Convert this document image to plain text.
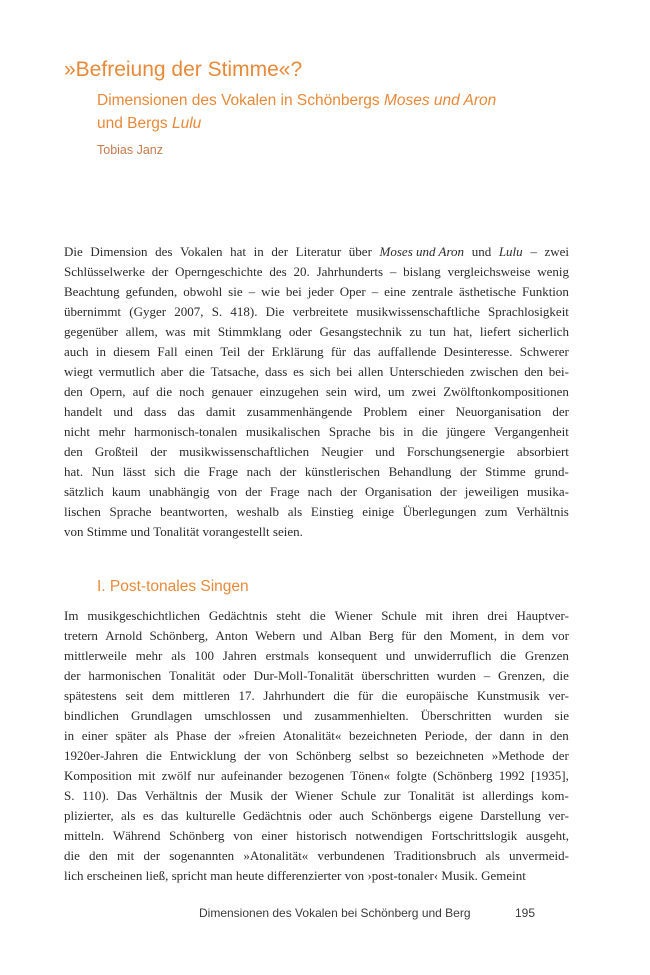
»Befreiung der Stimme«?
Dimensionen des Vokalen in Schönbergs Moses und Aron
und Bergs Lulu
Tobias Janz
Die Dimension des Vokalen hat in der Literatur über Moses und Aron und Lulu – zwei
Schlüsselwerke der Operngeschichte des 20. Jahrhunderts – bislang vergleichsweise wenig
Beachtung gefunden, obwohl sie – wie bei jeder Oper – eine zentrale ästhetische Funktion
übernimmt (Gyger 2007, S. 418). Die verbreitete musikwissenschaftliche Sprachlosigkeit
gegenüber allem, was mit Stimmklang oder Gesangstechnik zu tun hat, liefert sicherlich
auch in diesem Fall einen Teil der Erklärung für das auffallende Desinteresse. Schwerer
wiegt vermutlich aber die Tatsache, dass es sich bei allen Unterschieden zwischen den bei-
den Opern, auf die noch genauer einzugehen sein wird, um zwei Zwölftonkompositionen
handelt und dass das damit zusammenhängende Problem einer Neuorganisation der
nicht mehr harmonisch-tonalen musikalischen Sprache bis in die jüngere Vergangenheit
den Großteil der musikwissenschaftlichen Neugier und Forschungsenergie absorbiert
hat. Nun lässt sich die Frage nach der künstlerischen Behandlung der Stimme grund-
sätzlich kaum unabhängig von der Frage nach der Organisation der jeweiligen musika-
lischen Sprache beantworten, weshalb als Einstieg einige Überlegungen zum Verhältnis
von Stimme und Tonalität vorangestellt seien.
I. Post-tonales Singen
Im musikgeschichtlichen Gedächtnis steht die Wiener Schule mit ihren drei Hauptver-
tretern Arnold Schönberg, Anton Webern und Alban Berg für den Moment, in dem vor
mittlerweile mehr als 100 Jahren erstmals konsequent und unwiderruflich die Grenzen
der harmonischen Tonalität oder Dur-Moll-Tonalität überschritten wurden – Grenzen, die
spätestens seit dem mittleren 17. Jahrhundert die für die europäische Kunstmusik ver-
bindlichen Grundlagen umschlossen und zusammenhielten. Überschritten wurden sie
in einer später als Phase der »freien Atonalität« bezeichneten Periode, der dann in den
1920er-Jahren die Entwicklung der von Schönberg selbst so bezeichneten »Methode der
Komposition mit zwölf nur aufeinander bezogenen Tönen« folgte (Schönberg 1992 [1935],
S. 110). Das Verhältnis der Musik der Wiener Schule zur Tonalität ist allerdings kom-
plizierter, als es das kulturelle Gedächtnis oder auch Schönbergs eigene Darstellung ver-
mitteln. Während Schönberg von einer historisch notwendigen Fortschrittslogik ausgeht,
die den mit der sogenannten »Atonalität« verbundenen Traditionsbruch als unvermeid-
lich erscheinen ließ, spricht man heute differenzierter von ›post-tonaler‹ Musik. Gemeint
Dimensionen des Vokalen bei Schönberg und Berg	195
